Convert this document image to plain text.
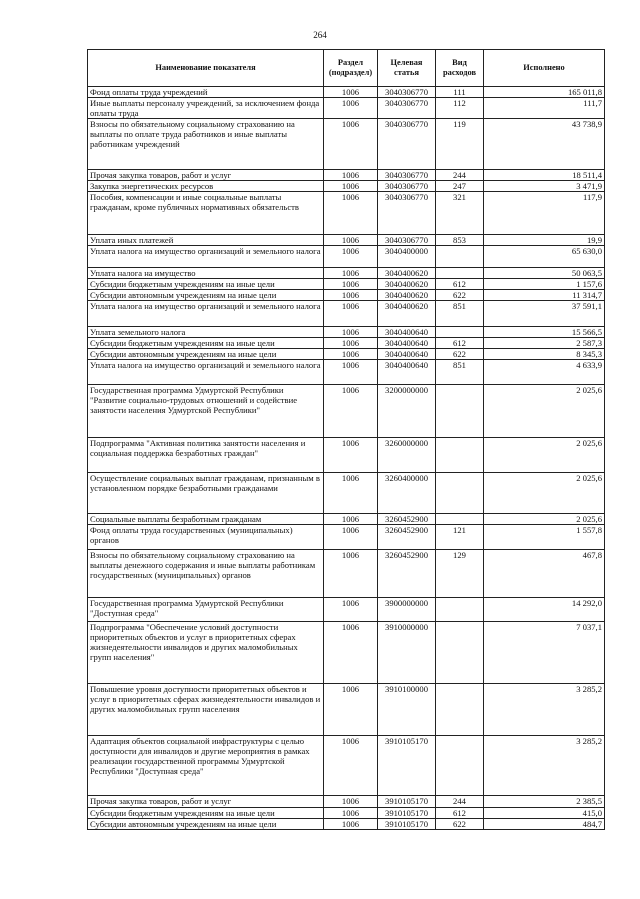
264
Наименование показателя	Раздел (подраздел)	Целевая статья	Вид расходов	Исполнено
Фонд оплаты труда учреждений	1006	3040306770	111	165 011,8
Иные выплаты персоналу учреждений, за исключением фонда оплаты труда	1006	3040306770	112	111,7
Взносы по обязательному социальному страхованию на выплаты по оплате труда работников и иные выплаты работникам учреждений	1006	3040306770	119	43 738,9
Прочая закупка товаров, работ и услуг	1006	3040306770	244	18 511,4
Закупка энергетических ресурсов	1006	3040306770	247	3 471,9
Пособия, компенсации и иные социальные выплаты гражданам, кроме публичных нормативных обязательств	1006	3040306770	321	117,9
Уплата иных платежей	1006	3040306770	853	19,9
Уплата налога на имущество организаций и земельного налога	1006	3040400000		65 630,0
Уплата налога на имущество	1006	3040400620		50 063,5
Субсидии бюджетным учреждениям на иные цели	1006	3040400620	612	1 157,6
Субсидии автономным учреждениям на иные цели	1006	3040400620	622	11 314,7
Уплата налога на имущество организаций и земельного налога	1006	3040400620	851	37 591,1
Уплата земельного налога	1006	3040400640		15 566,5
Субсидии бюджетным учреждениям на иные цели	1006	3040400640	612	2 587,3
Субсидии автономным учреждениям на иные цели	1006	3040400640	622	8 345,3
Уплата налога на имущество организаций и земельного налога	1006	3040400640	851	4 633,9
Государственная программа Удмуртской Республики "Развитие социально-трудовых отношений и содействие занятости населения Удмуртской Республики"	1006	3200000000		2 025,6
Подпрограмма "Активная политика занятости населения и социальная поддержка безработных граждан"	1006	3260000000		2 025,6
Осуществление социальных выплат гражданам, признанным в установленном порядке безработными гражданами	1006	3260400000		2 025,6
Социальные выплаты безработным гражданам	1006	3260452900		2 025,6
Фонд оплаты труда государственных (муниципальных) органов	1006	3260452900	121	1 557,8
Взносы по обязательному социальному страхованию на выплаты денежного содержания и иные выплаты работникам государственных (муниципальных) органов	1006	3260452900	129	467,8
Государственная программа Удмуртской Республики "Доступная среда"	1006	3900000000		14 292,0
Подпрограмма "Обеспечение условий доступности приоритетных объектов и услуг в приоритетных сферах жизнедеятельности инвалидов и других маломобильных групп населения"	1006	3910000000		7 037,1
Повышение уровня доступности приоритетных объектов и услуг в приоритетных сферах жизнедеятельности инвалидов и других маломобильных групп населения	1006	3910100000		3 285,2
Адаптация объектов социальной инфраструктуры с целью доступности для инвалидов и другие мероприятия в рамках реализации государственной программы Удмуртской Республики "Доступная среда"	1006	3910105170		3 285,2
Прочая закупка товаров, работ и услуг	1006	3910105170	244	2 385,5
Субсидии бюджетным учреждениям на иные цели	1006	3910105170	612	415,0
Субсидии автономным учреждениям на иные цели	1006	3910105170	622	484,7
